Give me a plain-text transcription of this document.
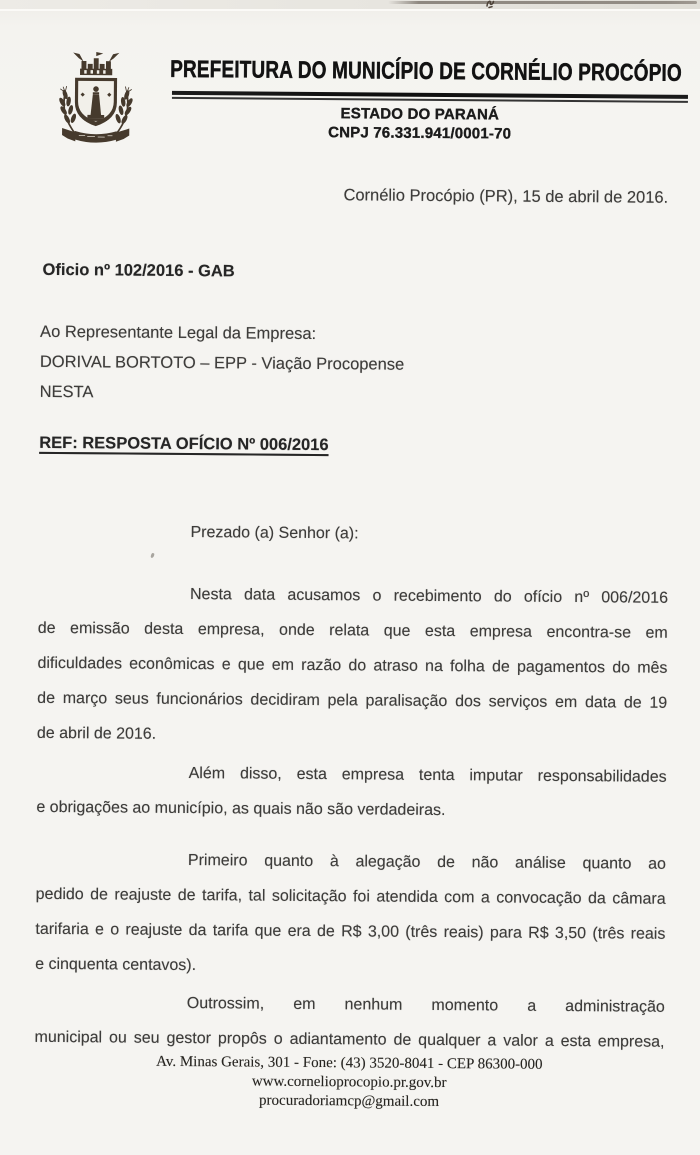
PREFEITURA DO MUNICÍPIO DE CORNÉLIO PROCÓPIO
ESTADO DO PARANÁ
CNPJ 76.331.941/0001-70
Cornélio Procópio (PR), 15 de abril de 2016.
Oficio nº 102/2016 - GAB
Ao Representante Legal da Empresa:
DORIVAL BORTOTO – EPP - Viação Procopense
NESTA
REF: RESPOSTA OFÍCIO Nº 006/2016
Prezado (a) Senhor (a):
Nesta data acusamos o recebimento do ofício nº 006/2016
de emissão desta empresa, onde relata que esta empresa encontra-se em
dificuldades econômicas e que em razão do atraso na folha de pagamentos do mês
de março seus funcionários decidiram pela paralisação dos serviços em data de 19
de abril de 2016.
Além disso, esta empresa tenta imputar responsabilidades
e obrigações ao município, as quais não são verdadeiras.
Primeiro quanto à alegação de não análise quanto ao
pedido de reajuste de tarifa, tal solicitação foi atendida com a convocação da câmara
tarifaria e o reajuste da tarifa que era de R$ 3,00 (três reais) para R$ 3,50 (três reais
e cinquenta centavos).
Outrossim, em nenhum momento a administração
municipal ou seu gestor propôs o adiantamento de qualquer a valor a esta empresa,
Av. Minas Gerais, 301 - Fone: (43) 3520-8041 - CEP 86300-000
www.cornelioprocopio.pr.gov.br
procuradoriamcp@gmail.com
